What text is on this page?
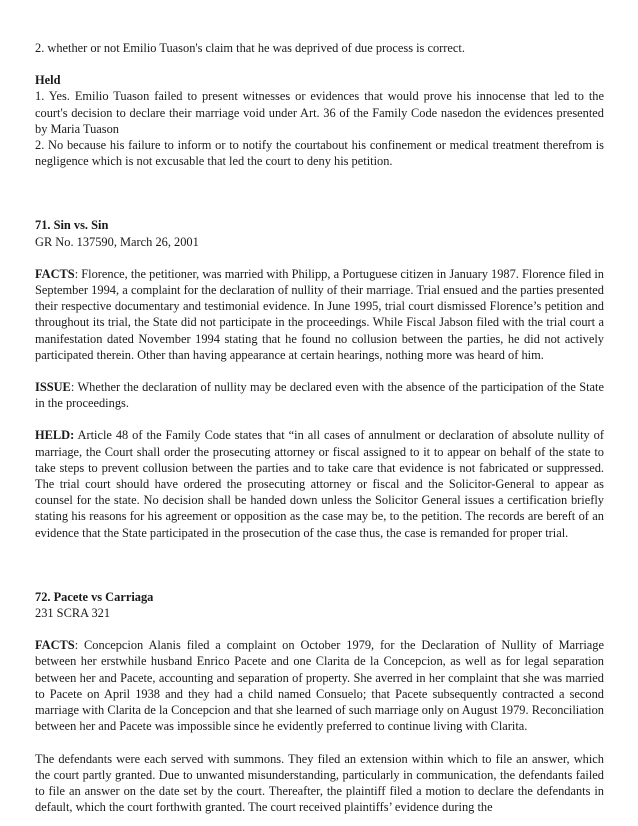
2. whether or not Emilio Tuason's claim that he was deprived of due process is correct.

Held

1. Yes. Emilio Tuason failed to present witnesses or evidences that would prove his innocense that led to the court's decision to declare their marriage void under Art. 36 of the Family Code nasedon the evidences presented by Maria Tuason

2. No because his failure to inform or to notify the courtabout his confinement or medical treatment therefrom is negligence which is not excusable that led the court to deny his petition.

71. Sin vs. Sin

GR No. 137590, March 26, 2001

FACTS: Florence, the petitioner, was married with Philipp, a Portuguese citizen in January 1987. Florence filed in September 1994, a complaint for the declaration of nullity of their marriage. Trial ensued and the parties presented their respective documentary and testimonial evidence. In June 1995, trial court dismissed Florence’s petition and throughout its trial, the State did not participate in the proceedings. While Fiscal Jabson filed with the trial court a manifestation dated November 1994 stating that he found no collusion between the parties, he did not actively participated therein. Other than having appearance at certain hearings, nothing more was heard of him.

ISSUE: Whether the declaration of nullity may be declared even with the absence of the participation of the State in the proceedings.

HELD: Article 48 of the Family Code states that “in all cases of annulment or declaration of absolute nullity of marriage, the Court shall order the prosecuting attorney or fiscal assigned to it to appear on behalf of the state to take steps to prevent collusion between the parties and to take care that evidence is not fabricated or suppressed. The trial court should have ordered the prosecuting attorney or fiscal and the Solicitor-General to appear as counsel for the state. No decision shall be handed down unless the Solicitor General issues a certification briefly stating his reasons for his agreement or opposition as the case may be, to the petition. The records are bereft of an evidence that the State participated in the prosecution of the case thus, the case is remanded for proper trial.

72. Pacete vs Carriaga

231 SCRA 321

FACTS: Concepcion Alanis filed a complaint on October 1979, for the Declaration of Nullity of Marriage between her erstwhile husband Enrico Pacete and one Clarita de la Concepcion, as well as for legal separation between her and Pacete, accounting and separation of property. She averred in her complaint that she was married to Pacete on April 1938 and they had a child named Consuelo; that Pacete subsequently contracted a second marriage with Clarita de la Concepcion and that she learned of such marriage only on August 1979. Reconciliation between her and Pacete was impossible since he evidently preferred to continue living with Clarita.

The defendants were each served with summons. They filed an extension within which to file an answer, which the court partly granted. Due to unwanted misunderstanding, particularly in communication, the defendants failed to file an answer on the date set by the court. Thereafter, the plaintiff filed a motion to declare the defendants in default, which the court forthwith granted. The court received plaintiffs’ evidence during the
